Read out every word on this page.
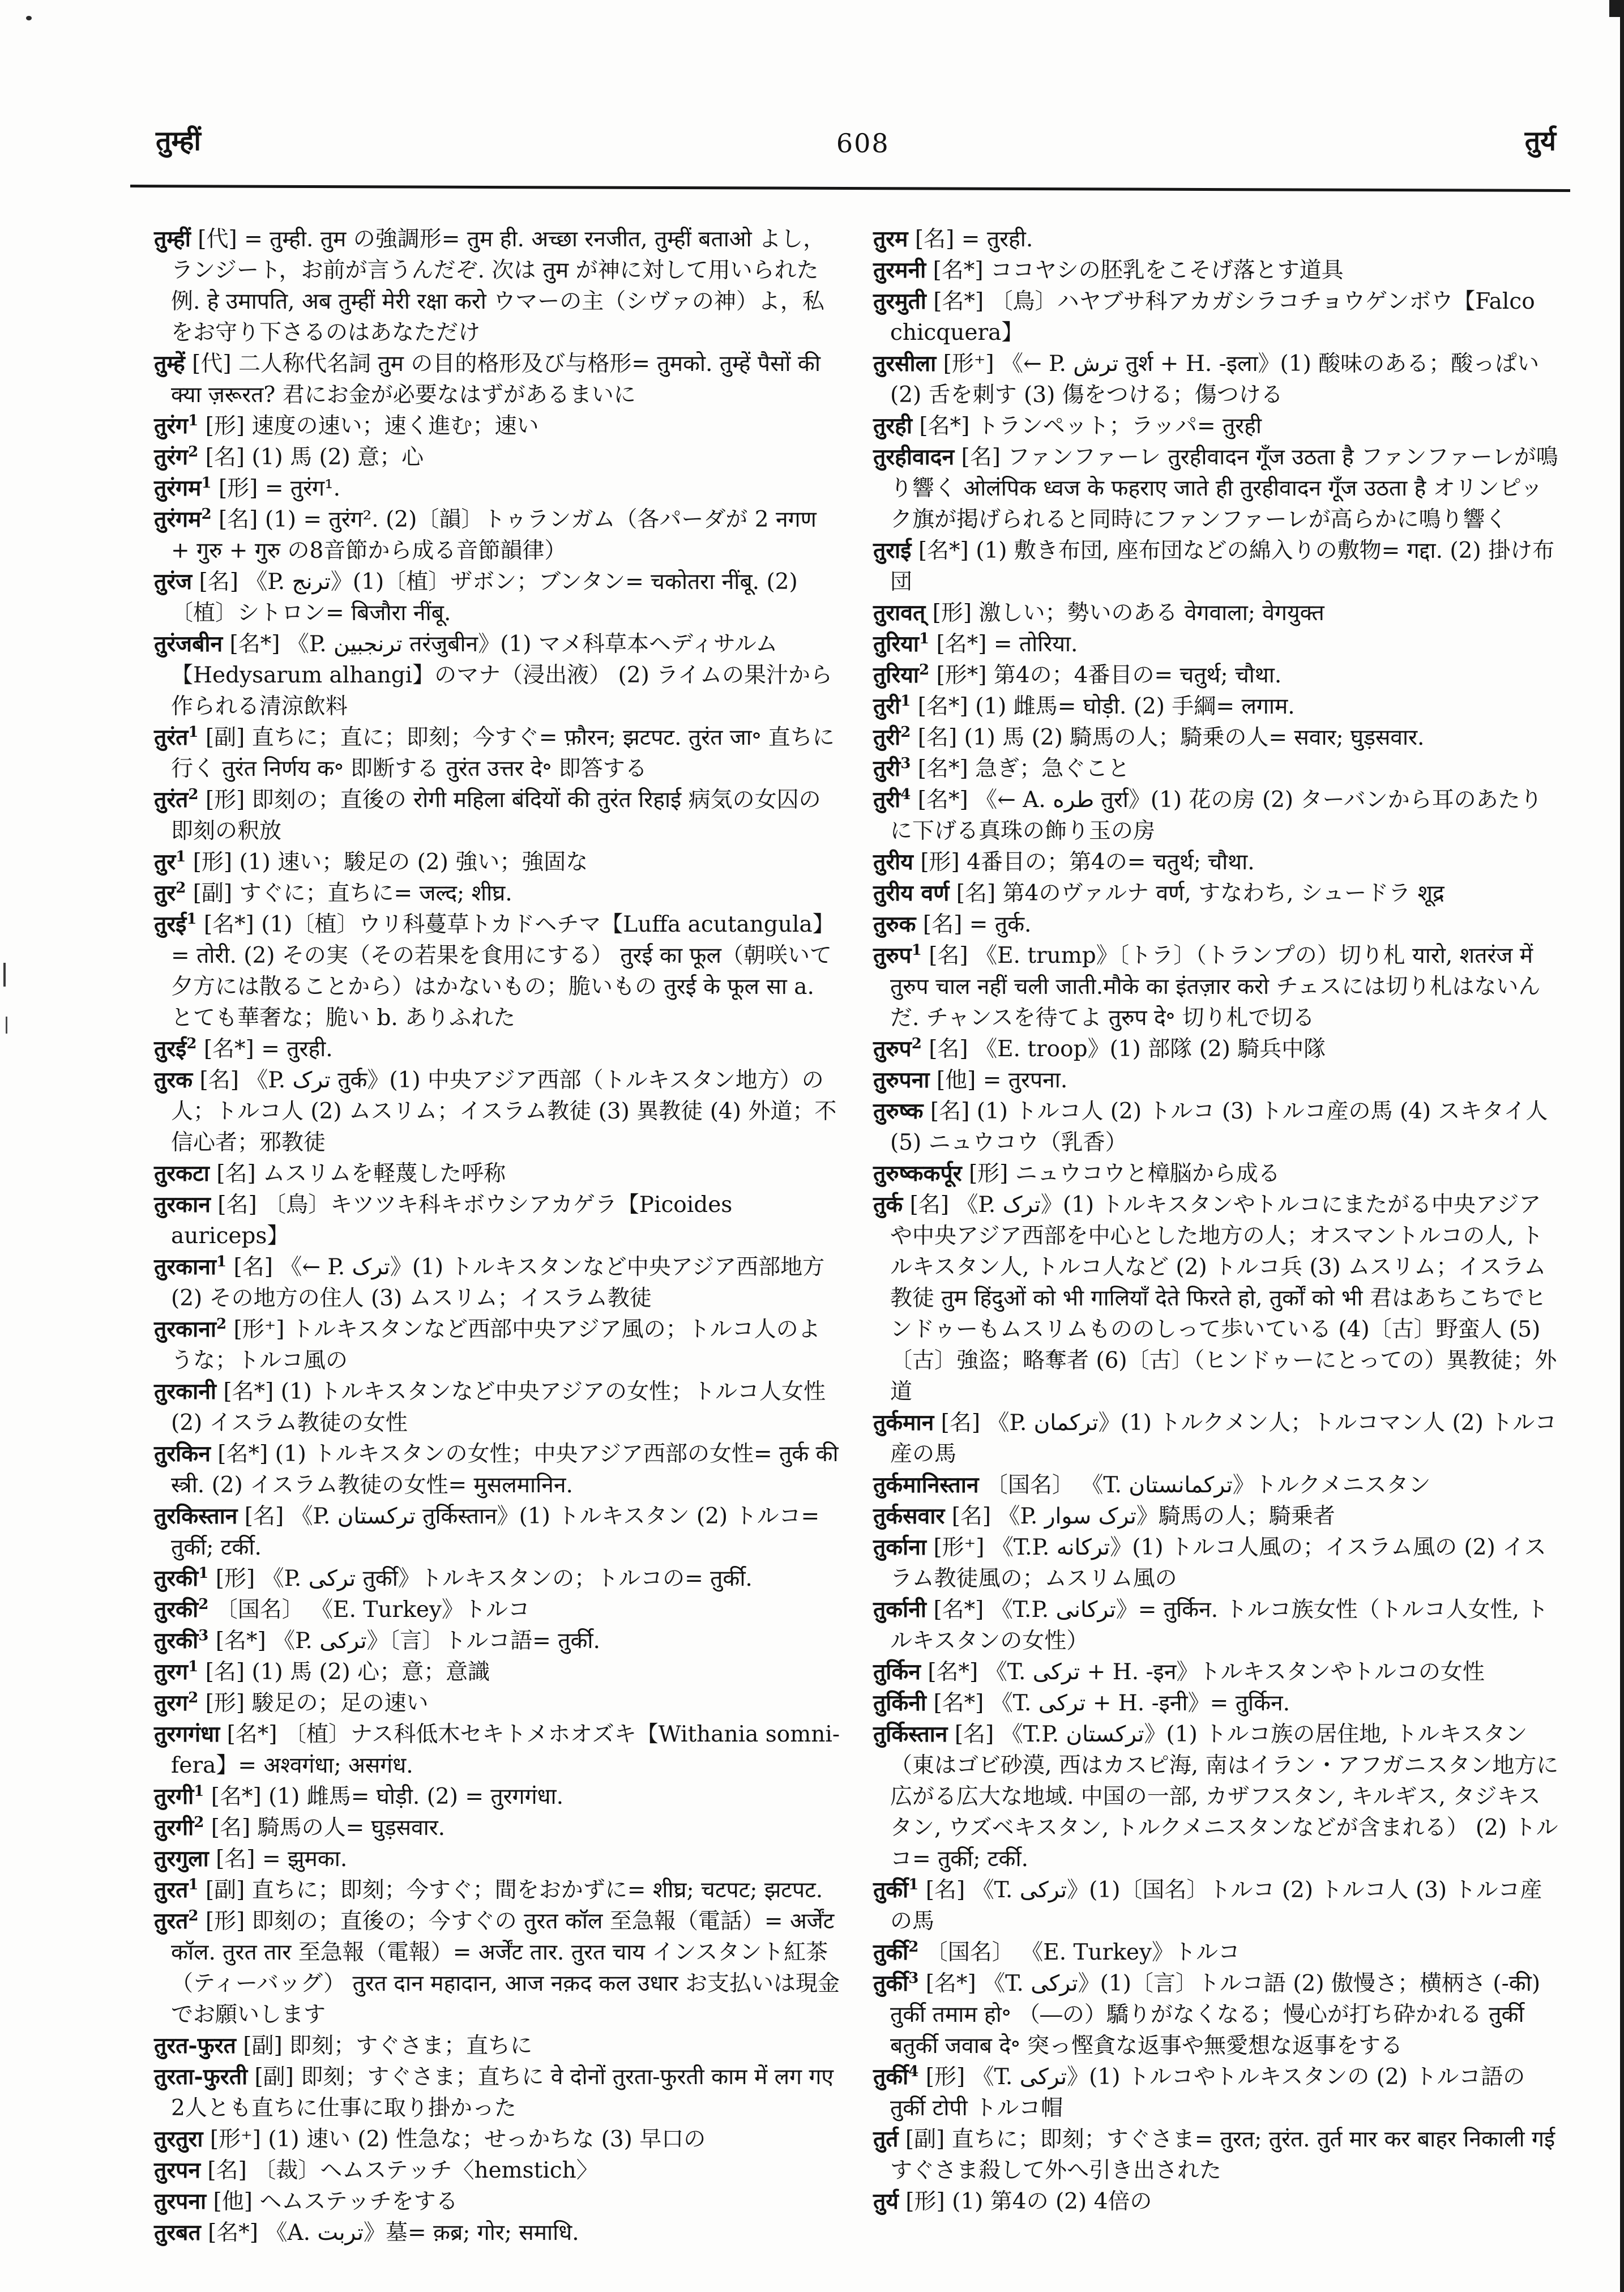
तुम्हीं	608	तुर्य
तुम्हीं [代] = तुम्ही. तुम の強調形= तुम ही. अच्छा रनजीत, तुम्हीं बताओ よし，ランジート，お前が言うんだぞ. 次は तुम が神に対して用いられた例. हे उमापति, अब तुम्हीं मेरी रक्षा करो ウマーの主（シヴァの神）よ，私をお守り下さるのはあなただけ
तुम्हें [代] 二人称代名詞 तुम の目的格形及び与格形= तुमको. तुम्हें पैसों की क्या ज़रूरत? 君にお金が必要なはずがあるまいに
तुरंग$^1$ [形] 速度の速い；速く進む；速い
तुरंग$^2$ [名] (1) 馬 (2) 意；心
तुरंगम$^1$ [形] = तुरंग¹.
तुरंगम$^2$ [名] (1) = तुरंग². (2)〔韻〕トゥランガム（各パーダが 2 नगण + गुरु + गुरु の8音節から成る音節韻律）
तुरंज [名] 《P. ترنج》(1)〔植〕ザボン；ブンタン= चकोतरा नींबू. (2)〔植〕シトロン= बिजौरा नींबू.
तुरंजबीन [名*] 《P. ترنجبين तरंजुबीन》(1) マメ科草本ヘディサルム【Hedysarum alhangi】のマナ（浸出液） (2) ライムの果汁から作られる清涼飲料
तुरंत$^1$ [副] 直ちに；直に；即刻；今すぐ= फ़ौरन; झटपट. तुरंत जा॰ 直ちに行く तुरंत निर्णय क॰ 即断する तुरंत उत्तर दे॰ 即答する
तुरंत$^2$ [形] 即刻の；直後の रोगी महिला बंदियों की तुरंत रिहाई 病気の女囚の即刻の釈放
तुर$^1$ [形] (1) 速い；駿足の (2) 強い；強固な
तुर$^2$ [副] すぐに；直ちに= जल्द; शीघ्र.
तुरई$^1$ [名*] (1)〔植〕ウリ科蔓草トカドヘチマ【Luffa acutangula】= तोरी. (2) その実（その若果を食用にする） तुरई का फूल（朝咲いて夕方には散ることから）はかないもの；脆いもの तुरई के फूल सा a. とても華奢な；脆い b. ありふれた
तुरई$^2$ [名*] = तुरही.
तुरक [名] 《P. ترک तुर्क》(1) 中央アジア西部（トルキスタン地方）の人；トルコ人 (2) ムスリム；イスラム教徒 (3) 異教徒 (4) 外道；不信心者；邪教徒
तुरकटा [名] ムスリムを軽蔑した呼称
तुरकान [名] 〔鳥〕キツツキ科キボウシアカゲラ【Picoides auriceps】
तुरकाना$^1$ [名] 《← P. ترک》(1) トルキスタンなど中央アジア西部地方 (2) その地方の住人 (3) ムスリム；イスラム教徒
तुरकाना$^2$ [形⁺] トルキスタンなど西部中央アジア風の；トルコ人のような；トルコ風の
तुरकानी [名*] (1) トルキスタンなど中央アジアの女性；トルコ人女性 (2) イスラム教徒の女性
तुरकिन [名*] (1) トルキスタンの女性；中央アジア西部の女性= तुर्क की स्त्री. (2) イスラム教徒の女性= मुसलमानिन.
तुरकिस्तान [名] 《P. ترکستان तुर्किस्तान》(1) トルキスタン (2) トルコ= तुर्की; टर्की.
तुरकी$^1$ [形] 《P. ترکی तुर्की》トルキスタンの；トルコの= तुर्की.
तुरकी$^2$ 〔国名〕 《E. Turkey》トルコ
तुरकी$^3$ [名*] 《P. ترکی》〔言〕トルコ語= तुर्की.
तुरग$^1$ [名] (1) 馬 (2) 心；意；意識
तुरग$^2$ [形] 駿足の；足の速い
तुरगगंधा [名*] 〔植〕ナス科低木セキトメホオズキ【Withania somni-fera】= अश्वगंधा; असगंध.
तुरगी$^1$ [名*] (1) 雌馬= घोड़ी. (2) = तुरगगंधा.
तुरगी$^2$ [名] 騎馬の人= घुड़सवार.
तुरगुला [名] = झुमका.
तुरत$^1$ [副] 直ちに；即刻；今すぐ；間をおかずに= शीघ्र; चटपट; झटपट.
तुरत$^2$ [形] 即刻の；直後の；今すぐの तुरत कॉल 至急報（電話）= अर्जेंट कॉल. तुरत तार 至急報（電報）= अर्जेंट तार. तुरत चाय インスタント紅茶（ティーバッグ） तुरत दान महादान, आज नक़द कल उधार お支払いは現金でお願いします
तुरत-फुरत [副] 即刻；すぐさま；直ちに
तुरता-फुरती [副] 即刻；すぐさま；直ちに वे दोनों तुरता-फुरती काम में लग गए 2人とも直ちに仕事に取り掛かった
तुरतुरा [形⁺] (1) 速い (2) 性急な；せっかちな (3) 早口の
तुरपन [名] 〔裁〕ヘムステッチ〈hemstich〉
तुरपना [他] ヘムステッチをする
तुरबत [名*] 《A. تربت》墓= क़ब्र; गोर; समाधि.
तुरम [名] = तुरही.
तुरमनी [名*] ココヤシの胚乳をこそげ落とす道具
तुरमुती [名*] 〔鳥〕ハヤブサ科アカガシラコチョウゲンボウ【Falco chicquera】
तुरसीला [形⁺] 《← P. ترش तुर्श + H. -इला》(1) 酸味のある；酸っぱい (2) 舌を刺す (3) 傷をつける；傷つける
तुरही [名*] トランペット；ラッパ= तुरही
तुरहीवादन [名] ファンファーレ तुरहीवादन गूँज उठता है ファンファーレが鳴り響く ओलंपिक ध्वज के फहराए जाते ही तुरहीवादन गूँज उठता है オリンピック旗が掲げられると同時にファンファーレが高らかに鳴り響く
तुराई [名*] (1) 敷き布団, 座布団などの綿入りの敷物= गद्दा. (2) 掛け布団
तुरावत् [形] 激しい；勢いのある वेगवाला; वेगयुक्त
तुरिया$^1$ [名*] = तोरिया.
तुरिया$^2$ [形*] 第4の；4番目の= चतुर्थ; चौथा.
तुरी$^1$ [名*] (1) 雌馬= घोड़ी. (2) 手綱= लगाम.
तुरी$^2$ [名] (1) 馬 (2) 騎馬の人；騎乗の人= सवार; घुड़सवार.
तुरी$^3$ [名*] 急ぎ；急ぐこと
तुरी$^4$ [名*] 《← A. طره तुर्रा》(1) 花の房 (2) ターバンから耳のあたりに下げる真珠の飾り玉の房
तुरीय [形] 4番目の；第4の= चतुर्थ; चौथा.
तुरीय वर्ण [名] 第4のヴァルナ वर्ण, すなわち, シュードラ शूद्र
तुरुक [名] = तुर्क.
तुरुप$^1$ [名] 《E. trump》〔トラ〕（トランプの）切り札 यारो, शतरंज में तुरुप चाल नहीं चली जाती.मौके का इंतज़ार करो チェスには切り札はないんだ. チャンスを待てよ तुरुप दे॰ 切り札で切る
तुरुप$^2$ [名] 《E. troop》(1) 部隊 (2) 騎兵中隊
तुरुपना [他] = तुरपना.
तुरुष्क [名] (1) トルコ人 (2) トルコ (3) トルコ産の馬 (4) スキタイ人 (5) ニュウコウ（乳香）
तुरुष्ककर्पूर [形] ニュウコウと樟脳から成る
तुर्क [名] 《P. ترک》(1) トルキスタンやトルコにまたがる中央アジアや中央アジア西部を中心とした地方の人；オスマントルコの人, トルキスタン人, トルコ人など (2) トルコ兵 (3) ムスリム；イスラム教徒 तुम हिंदुओं को भी गालियाँ देते फिरते हो, तुर्कों को भी 君はあちこちでヒンドゥーもムスリムもののしって歩いている (4)〔古〕野蛮人 (5)〔古〕強盗；略奪者 (6)〔古〕（ヒンドゥーにとっての）異教徒；外道
तुर्कमान [名] 《P. ترکمان》(1) トルクメン人；トルコマン人 (2) トルコ産の馬
तुर्कमानिस्तान 〔国名〕 《T. ترکمانستان》トルクメニスタン
तुर्कसवार [名] 《P. ترک سوار》騎馬の人；騎乗者
तुर्काना [形⁺] 《T.P. ترکانه》(1) トルコ人風の；イスラム風の (2) イスラム教徒風の；ムスリム風の
तुर्कानी [名*] 《T.P. ترکانی》= तुर्किन. トルコ族女性（トルコ人女性, トルキスタンの女性）
तुर्किन [名*] 《T. ترکی + H. -इन》トルキスタンやトルコの女性
तुर्किनी [名*] 《T. ترکی + H. -इनी》= तुर्किन.
तुर्किस्तान [名] 《T.P. ترکستان》(1) トルコ族の居住地, トルキスタン（東はゴビ砂漠, 西はカスピ海, 南はイラン・アフガニスタン地方に広がる広大な地域. 中国の一部, カザフスタン, キルギス, タジキスタン, ウズベキスタン, トルクメニスタンなどが含まれる） (2) トルコ= तुर्की; टर्की.
तुर्की$^1$ [名] 《T. ترکی》(1)〔国名〕トルコ (2) トルコ人 (3) トルコ産の馬
तुर्की$^2$ 〔国名〕 《E. Turkey》トルコ
तुर्की$^3$ [名*] 《T. ترکی》(1)〔言〕トルコ語 (2) 傲慢さ；横柄さ (-की) तुर्की तमाम हो॰ （―の）驕りがなくなる；慢心が打ち砕かれる तुर्की बतुर्की जवाब दे॰ 突っ慳貪な返事や無愛想な返事をする
तुर्की$^4$ [形] 《T. ترکی》(1) トルコやトルキスタンの (2) トルコ語の तुर्की टोपी トルコ帽
तुर्त [副] 直ちに；即刻；すぐさま= तुरत; तुरंत. तुर्त मार कर बाहर निकाली गई すぐさま殺して外へ引き出された
तुर्य [形] (1) 第4の (2) 4倍の
